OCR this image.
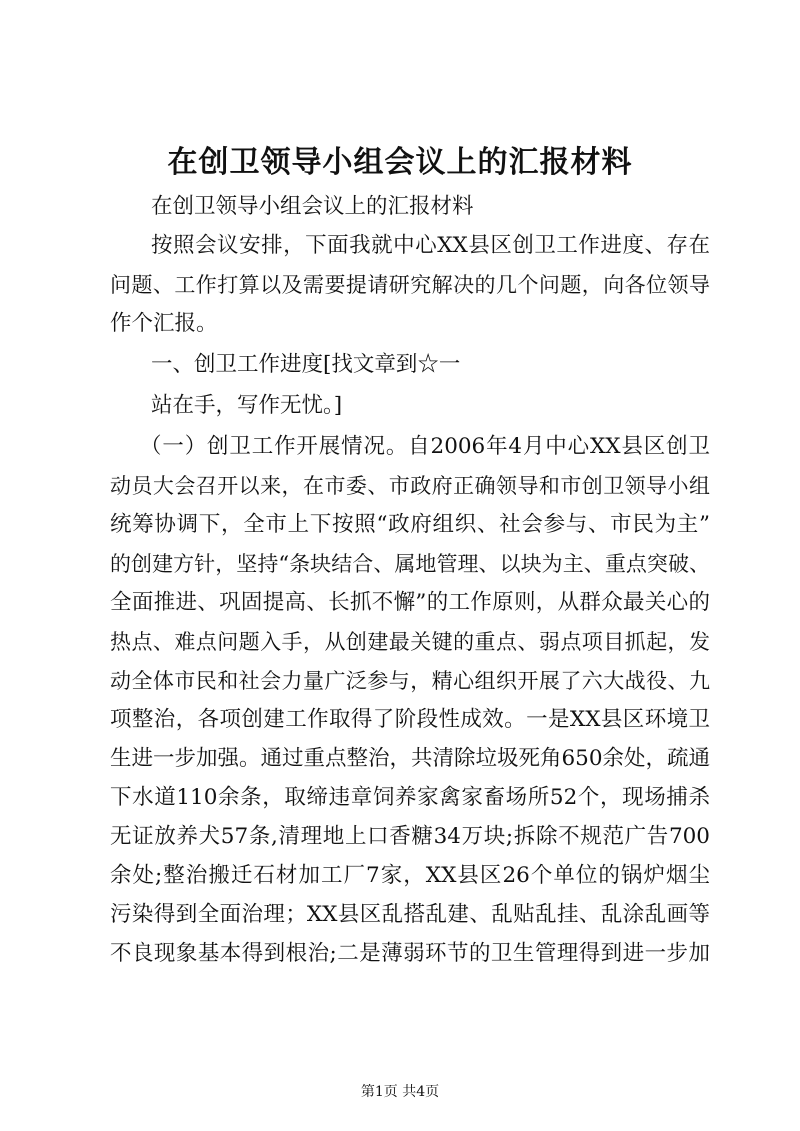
在创卫领导小组会议上的汇报材料
在创卫领导小组会议上的汇报材料
按照会议安排，下面我就中心XX县区创卫工作进度、存在
问题、工作打算以及需要提请研究解决的几个问题，向各位领导
作个汇报。
一、创卫工作进度[找文章到☆一
站在手，写作无忧。]
（一）创卫工作开展情况。自2006年4月中心XX县区创卫
动员大会召开以来，在市委、市政府正确领导和市创卫领导小组
统筹协调下，全市上下按照“政府组织、社会参与、市民为主”
的创建方针，坚持“条块结合、属地管理、以块为主、重点突破、
全面推进、巩固提高、长抓不懈”的工作原则，从群众最关心的
热点、难点问题入手，从创建最关键的重点、弱点项目抓起，发
动全体市民和社会力量广泛参与，精心组织开展了六大战役、九
项整治，各项创建工作取得了阶段性成效。一是XX县区环境卫
生进一步加强。通过重点整治，共清除垃圾死角650余处，疏通
下水道110余条，取缔违章饲养家禽家畜场所52个，现场捕杀
无证放养犬57条,清理地上口香糖34万块;拆除不规范广告700
余处;整治搬迁石材加工厂7家，XX县区26个单位的锅炉烟尘
污染得到全面治理；XX县区乱搭乱建、乱贴乱挂、乱涂乱画等
不良现象基本得到根治;二是薄弱环节的卫生管理得到进一步加
第1页 共4页
